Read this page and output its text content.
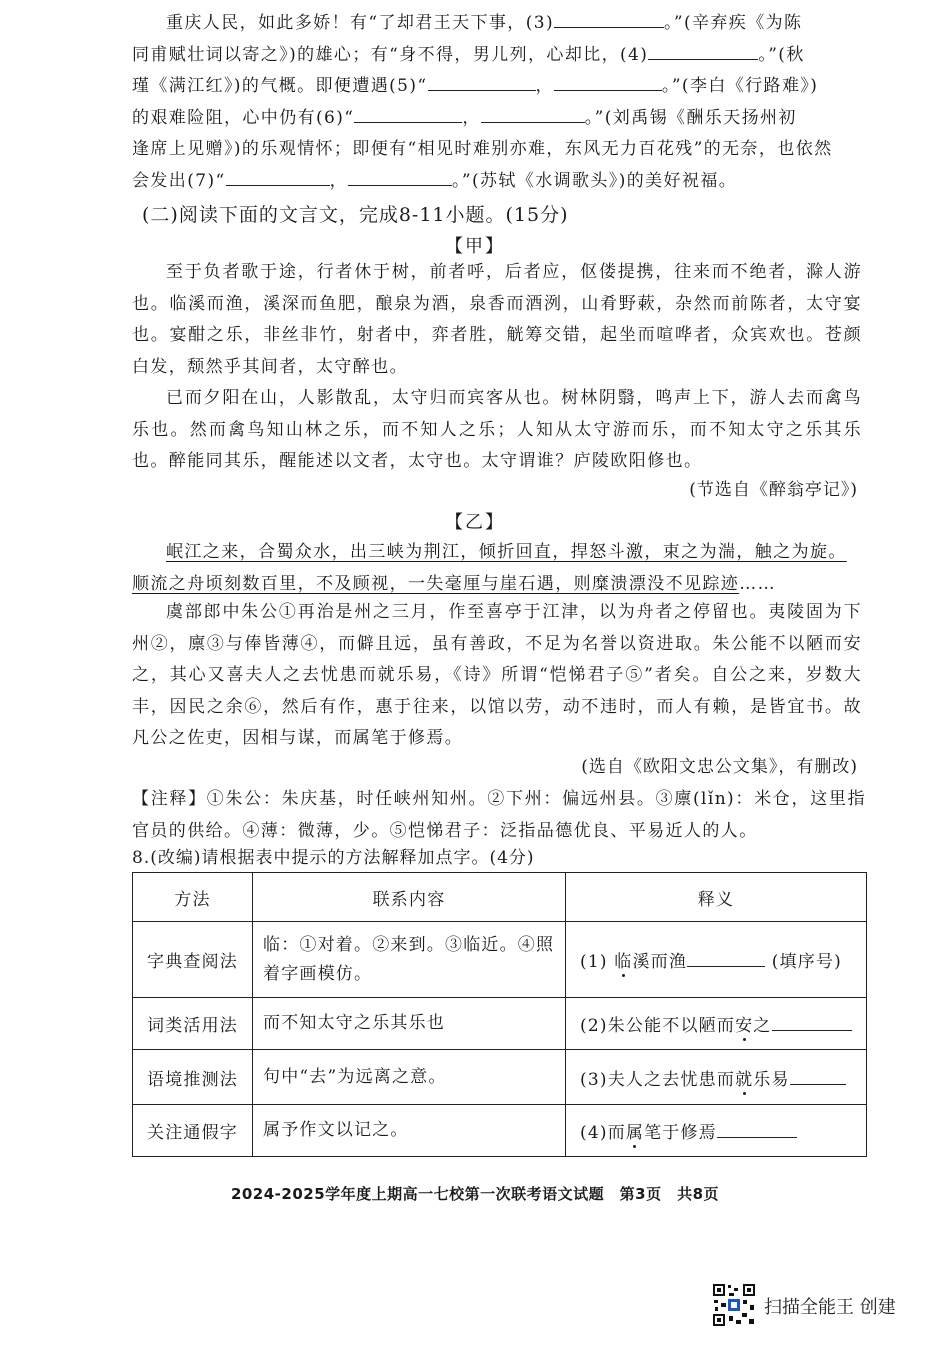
重庆人民，如此多娇！有“了却君王天下事，(3)	。”(辛弃疾《为陈
同甫赋壮词以寄之》)的雄心；有“身不得，男儿列，心却比，(4)	。”(秋
瑾《满江红》)的气概。即便遭遇(5)“	，	。”(李白《行路难》)
的艰难险阻，心中仍有(6)“	，	。”(刘禹锡《酬乐天扬州初
逢席上见赠》)的乐观情怀；即便有“相见时难别亦难，东风无力百花残”的无奈，也依然
会发出(7)“	，	。”(苏轼《水调歌头》)的美好祝福。
(二)阅读下面的文言文，完成8-11小题。(15分)
【甲】
至于负者歌于途，行者休于树，前者呼，后者应，伛偻提携，往来而不绝者，滁人游也。临溪而渔，溪深而鱼肥，酿泉为酒，泉香而酒洌，山肴野蔌，杂然而前陈者，太守宴也。宴酣之乐，非丝非竹，射者中，弈者胜，觥筹交错，起坐而喧哗者，众宾欢也。苍颜白发，颓然乎其间者，太守醉也。
已而夕阳在山，人影散乱，太守归而宾客从也。树林阴翳，鸣声上下，游人去而禽鸟乐也。然而禽鸟知山林之乐，而不知人之乐；人知从太守游而乐，而不知太守之乐其乐也。醉能同其乐，醒能述以文者，太守也。太守谓谁？庐陵欧阳修也。
(节选自《醉翁亭记》)
【乙】
岷江之来，合蜀众水，出三峡为荆江，倾折回直，捍怒斗激，束之为湍，触之为旋。
顺流之舟顷刻数百里，不及顾视，一失毫厘与崖石遇，则糜溃漂没不见踪迹……
虞部郎中朱公①再治是州之三月，作至喜亭于江津，以为舟者之停留也。夷陵固为下州②，廪③与俸皆薄④，而僻且远，虽有善政，不足为名誉以资进取。朱公能不以陋而安之，其心又喜夫人之去忧患而就乐易，《诗》所谓“恺悌君子⑤”者矣。自公之来，岁数大丰，因民之余⑥，然后有作，惠于往来，以馆以劳，动不违时，而人有赖，是皆宜书。故凡公之佐吏，因相与谋，而属笔于修焉。
(选自《欧阳文忠公文集》，有删改)
【注释】①朱公：朱庆基，时任峡州知州。②下州：偏远州县。③廪(lǐn)：米仓，这里指官员的供给。④薄：微薄，少。⑤恺悌君子：泛指品德优良、平易近人的人。
8.(改编)请根据表中提示的方法解释加点字。(4分)
方法	联系内容	释义
字典查阅法	临：①对着。②来到。③临近。④照着字画模仿。	(1) 临溪而渔 (填序号)
词类活用法	而不知太守之乐其乐也	(2)朱公能不以陋而安之
语境推测法	句中“去”为远离之意。	(3)夫人之去忧患而就乐易
关注通假字	属予作文以记之。	(4)而属笔于修焉
2024-2025学年度上期高一七校第一次联考语文试题　第3页　共8页
扫描全能王 创建
